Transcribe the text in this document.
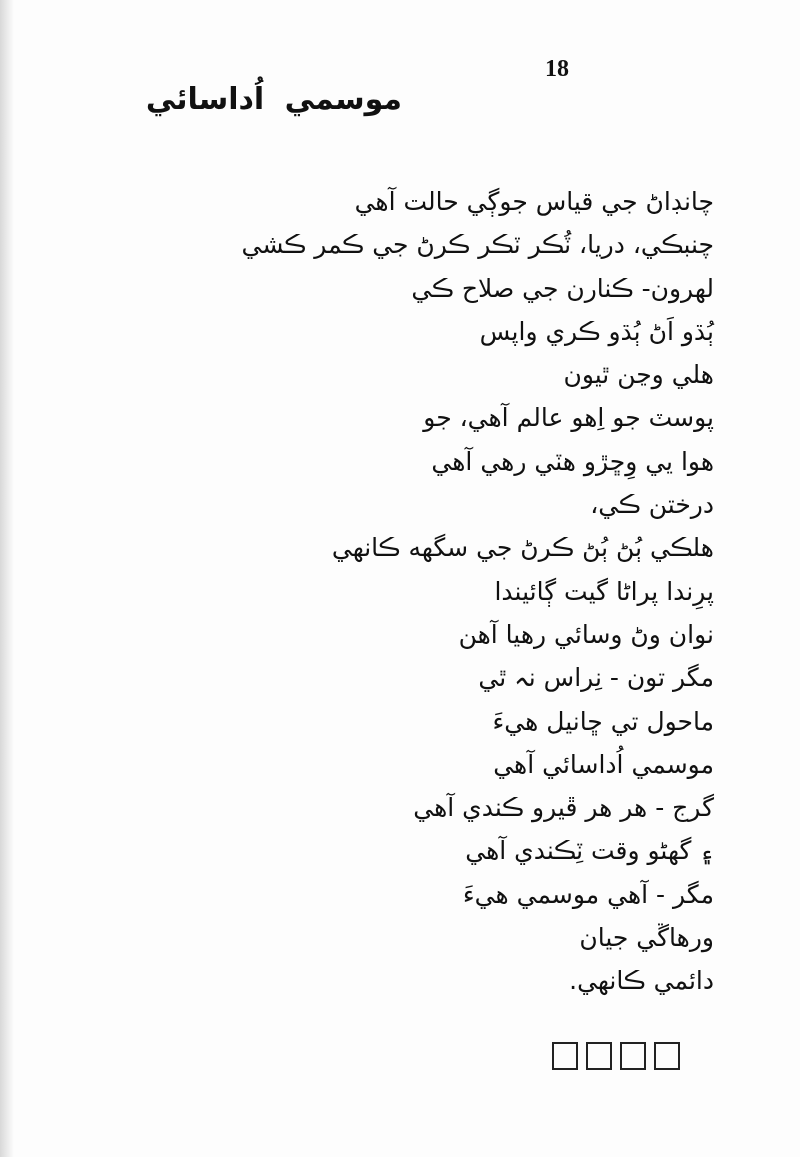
18
موسمي اُداسائي
چانڊاڻ جي قياس جوڳي حالت آهي
چنبڪي، دريا، ٽُڪر ٽڪر ڪرڻ جي ڪمر ڪشي
لهرون- ڪنارن جي صلاح ڪي
ٻُڌو اَڻ ٻُڌو ڪري واپس
هلي وڃن ٿيون
پوسٽ جو اِهو عالم آهي، جو
هوا يي وِڇڙو هٽي رهي آهي
درختن ڪي،
هلڪي ٻُڻ ٻُڻ ڪرڻ جي سگهه ڪانهي
پرِندا پراڻا گيت ڳائيندا
نوان وڻ وسائي رهيا آهن
مگر تون - نِراس نہ ٿي
ماحول تي ڇانيل هيءَ
موسمي اُداسائي آهي
گرج - هر هر ڦيرو ڪندي آهي
۽ گهڻو وقت ٽِڪندي آهي
مگر - آهي موسمي هيءَ
ورهاڱي جيان
دائمي ڪانهي.
